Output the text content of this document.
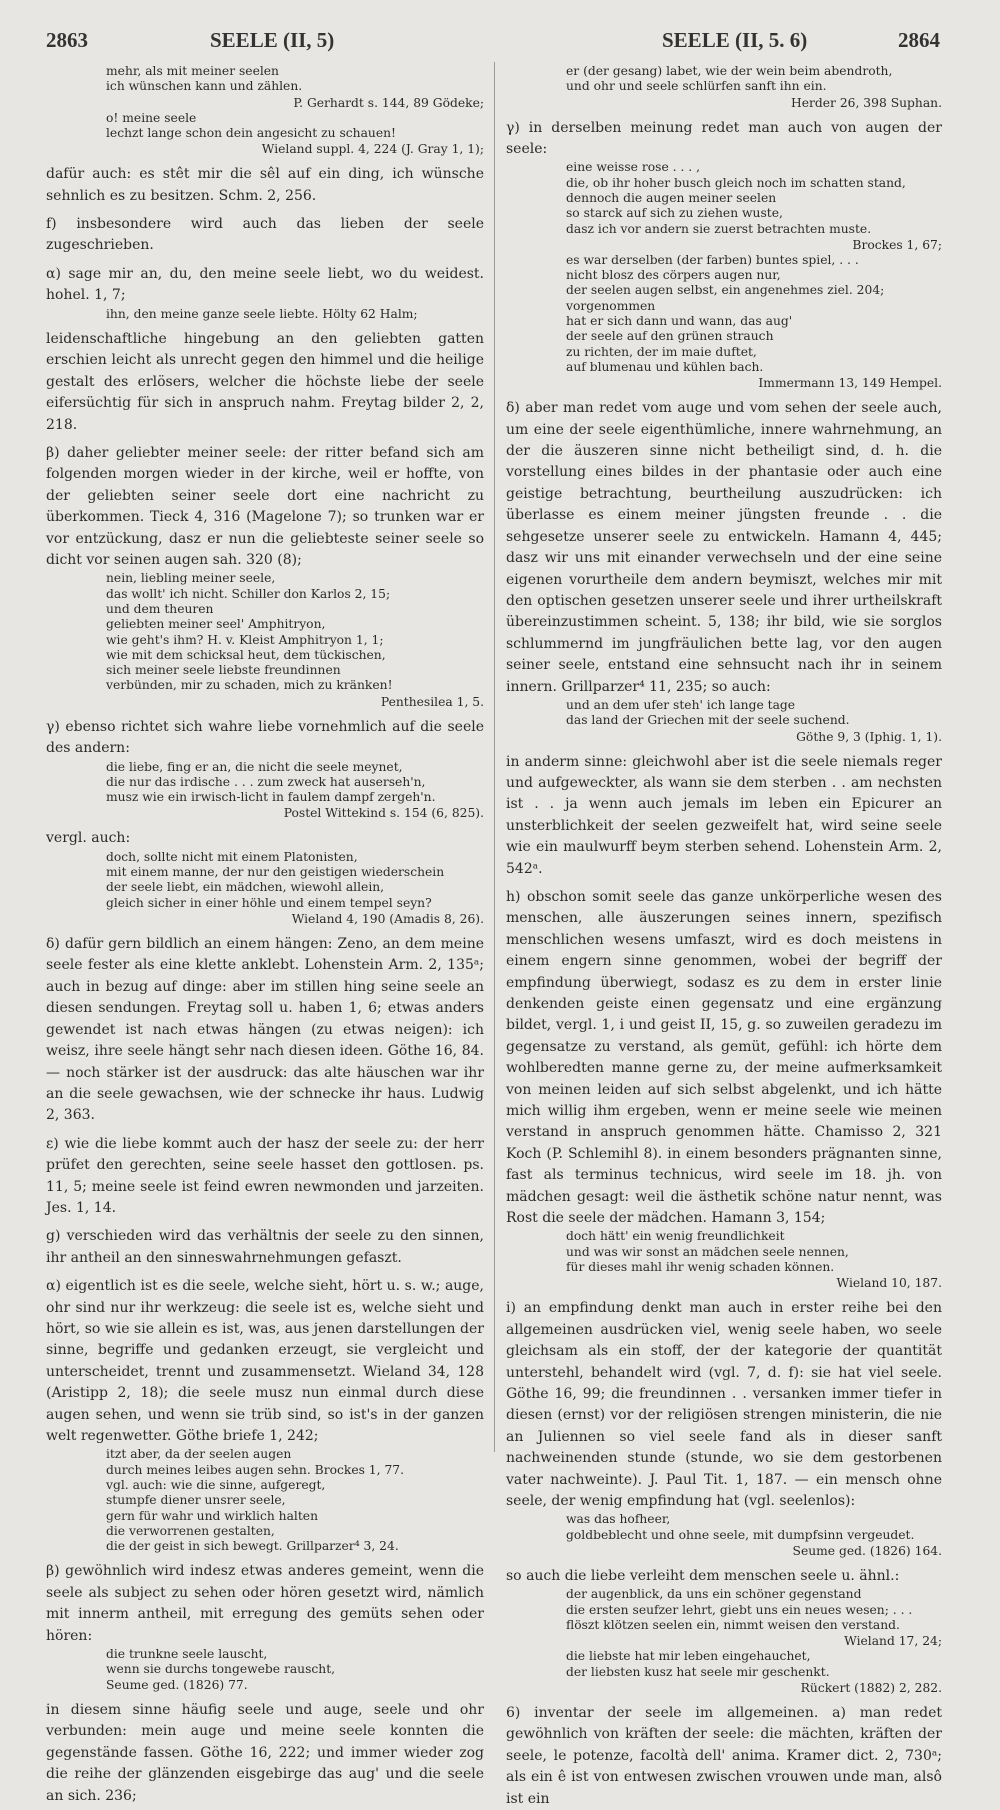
2863	SEELE (II, 5)	SEELE (II, 5. 6)	2864

mehr, als mit meiner seelen

ich wünschen kann und zählen.

P. Gerhardt s. 144, 89 Gödeke;

o! meine seele

lechzt lange schon dein angesicht zu schauen!

Wieland suppl. 4, 224 (J. Gray 1, 1);

dafür auch: es stêt mir die sêl auf ein ding, ich wünsche sehnlich es zu besitzen. Schm. 2, 256.

f) insbesondere wird auch das lieben der seele zugeschrieben.

α) sage mir an, du, den meine seele liebt, wo du weidest. hohel. 1, 7;

ihn, den meine ganze seele liebte. Hölty 62 Halm;

leidenschaftliche hingebung an den geliebten gatten erschien leicht als unrecht gegen den himmel und die heilige gestalt des erlösers, welcher die höchste liebe der seele eifersüchtig für sich in anspruch nahm. Freytag bilder 2, 2, 218.

β) daher geliebter meiner seele: der ritter befand sich am folgenden morgen wieder in der kirche, weil er hoffte, von der geliebten seiner seele dort eine nachricht zu überkommen. Tieck 4, 316 (Magelone 7); so trunken war er vor entzückung, dasz er nun die geliebteste seiner seele so dicht vor seinen augen sah. 320 (8);

nein, liebling meiner seele,

das wollt' ich nicht. Schiller don Karlos 2, 15;

und dem theuren

geliebten meiner seel' Amphitryon,

wie geht's ihm? H. v. Kleist Amphitryon 1, 1;

wie mit dem schicksal heut, dem tückischen,

sich meiner seele liebste freundinnen

verbünden, mir zu schaden, mich zu kränken!

Penthesilea 1, 5.

γ) ebenso richtet sich wahre liebe vornehmlich auf die seele des andern:

die liebe, fing er an, die nicht die seele meynet,

die nur das irdische . . . zum zweck hat auserseh'n,

musz wie ein irwisch-licht in faulem dampf zergeh'n.

Postel Wittekind s. 154 (6, 825).

vergl. auch:

doch, sollte nicht mit einem Platonisten,

mit einem manne, der nur den geistigen wiederschein

der seele liebt, ein mädchen, wiewohl allein,

gleich sicher in einer höhle und einem tempel seyn?

Wieland 4, 190 (Amadis 8, 26).

δ) dafür gern bildlich an einem hängen: Zeno, an dem meine seele fester als eine klette anklebt. Lohenstein Arm. 2, 135ᵃ; auch in bezug auf dinge: aber im stillen hing seine seele an diesen sendungen. Freytag soll u. haben 1, 6; etwas anders gewendet ist nach etwas hängen (zu etwas neigen): ich weisz, ihre seele hängt sehr nach diesen ideen. Göthe 16, 84. — noch stärker ist der ausdruck: das alte häuschen war ihr an die seele gewachsen, wie der schnecke ihr haus. Ludwig 2, 363.

ε) wie die liebe kommt auch der hasz der seele zu: der herr prüfet den gerechten, seine seele hasset den gottlosen. ps. 11, 5; meine seele ist feind ewren newmonden und jarzeiten. Jes. 1, 14.

g) verschieden wird das verhältnis der seele zu den sinnen, ihr antheil an den sinneswahrnehmungen gefaszt.

α) eigentlich ist es die seele, welche sieht, hört u. s. w.; auge, ohr sind nur ihr werkzeug: die seele ist es, welche sieht und hört, so wie sie allein es ist, was, aus jenen darstellungen der sinne, begriffe und gedanken erzeugt, sie vergleicht und unterscheidet, trennt und zusammensetzt. Wieland 34, 128 (Aristipp 2, 18); die seele musz nun einmal durch diese augen sehen, und wenn sie trüb sind, so ist's in der ganzen welt regenwetter. Göthe briefe 1, 242;

itzt aber, da der seelen augen

durch meines leibes augen sehn. Brockes 1, 77.

vgl. auch: wie die sinne, aufgeregt,

stumpfe diener unsrer seele,

gern für wahr und wirklich halten

die verworrenen gestalten,

die der geist in sich bewegt. Grillparzer⁴ 3, 24.

β) gewöhnlich wird indesz etwas anderes gemeint, wenn die seele als subject zu sehen oder hören gesetzt wird, nämlich mit innerm antheil, mit erregung des gemüts sehen oder hören:

die trunkne seele lauscht,

wenn sie durchs tongewebe rauscht,

Seume ged. (1826) 77.

in diesem sinne häufig seele und auge, seele und ohr verbunden: mein auge und meine seele konnten die gegenstände fassen. Göthe 16, 222; und immer wieder zog die reihe der glänzenden eisgebirge das aug' und die seele an sich. 236;

er (der gesang) labet, wie der wein beim abendroth,

und ohr und seele schlürfen sanft ihn ein.

Herder 26, 398 Suphan.

γ) in derselben meinung redet man auch von augen der seele:

eine weisse rose . . . ,

die, ob ihr hoher busch gleich noch im schatten stand,

dennoch die augen meiner seelen

so starck auf sich zu ziehen wuste,

dasz ich vor andern sie zuerst betrachten muste.

Brockes 1, 67;

es war derselben (der farben) buntes spiel, . . .

nicht blosz des cörpers augen nur,

der seelen augen selbst, ein angenehmes ziel. 204;

vorgenommen

hat er sich dann und wann, das aug'

der seele auf den grünen strauch

zu richten, der im maie duftet,

auf blumenau und kühlen bach.

Immermann 13, 149 Hempel.

δ) aber man redet vom auge und vom sehen der seele auch, um eine der seele eigenthümliche, innere wahrnehmung, an der die äuszeren sinne nicht betheiligt sind, d. h. die vorstellung eines bildes in der phantasie oder auch eine geistige betrachtung, beurtheilung auszudrücken: ich überlasse es einem meiner jüngsten freunde . . die sehgesetze unserer seele zu entwickeln. Hamann 4, 445; dasz wir uns mit einander verwechseln und der eine seine eigenen vorurtheile dem andern beymiszt, welches mir mit den optischen gesetzen unserer seele und ihrer urtheilskraft übereinzustimmen scheint. 5, 138; ihr bild, wie sie sorglos schlummernd im jungfräulichen bette lag, vor den augen seiner seele, entstand eine sehnsucht nach ihr in seinem innern. Grillparzer⁴ 11, 235; so auch:

und an dem ufer steh' ich lange tage

das land der Griechen mit der seele suchend.

Göthe 9, 3 (Iphig. 1, 1).

in anderm sinne: gleichwohl aber ist die seele niemals reger und aufgeweckter, als wann sie dem sterben . . am nechsten ist . . ja wenn auch jemals im leben ein Epicurer an unsterblichkeit der seelen gezweifelt hat, wird seine seele wie ein maulwurff beym sterben sehend. Lohenstein Arm. 2, 542ᵃ.

h) obschon somit seele das ganze unkörperliche wesen des menschen, alle äuszerungen seines innern, spezifisch menschlichen wesens umfaszt, wird es doch meistens in einem engern sinne genommen, wobei der begriff der empfindung überwiegt, sodasz es zu dem in erster linie denkenden geiste einen gegensatz und eine ergänzung bildet, vergl. 1, i und geist II, 15, g. so zuweilen geradezu im gegensatze zu verstand, als gemüt, gefühl: ich hörte dem wohlberedten manne gerne zu, der meine aufmerksamkeit von meinen leiden auf sich selbst abgelenkt, und ich hätte mich willig ihm ergeben, wenn er meine seele wie meinen verstand in anspruch genommen hätte. Chamisso 2, 321 Koch (P. Schlemihl 8). in einem besonders prägnanten sinne, fast als terminus technicus, wird seele im 18. jh. von mädchen gesagt: weil die ästhetik schöne natur nennt, was Rost die seele der mädchen. Hamann 3, 154;

doch hätt' ein wenig freundlichkeit

und was wir sonst an mädchen seele nennen,

für dieses mahl ihr wenig schaden können.

Wieland 10, 187.

i) an empfindung denkt man auch in erster reihe bei den allgemeinen ausdrücken viel, wenig seele haben, wo seele gleichsam als ein stoff, der der kategorie der quantität unterstehl, behandelt wird (vgl. 7, d. f): sie hat viel seele. Göthe 16, 99; die freundinnen . . versanken immer tiefer in diesen (ernst) vor der religiösen strengen ministerin, die nie an Juliennen so viel seele fand als in dieser sanft nachweinenden stunde (stunde, wo sie dem gestorbenen vater nachweinte). J. Paul Tit. 1, 187. — ein mensch ohne seele, der wenig empfindung hat (vgl. seelenlos):

was das hofheer,

goldbeblecht und ohne seele, mit dumpfsinn vergeudet.

Seume ged. (1826) 164.

so auch die liebe verleiht dem menschen seele u. ähnl.:

der augenblick, da uns ein schöner gegenstand

die ersten seufzer lehrt, giebt uns ein neues wesen; . . .

flöszt klötzen seelen ein, nimmt weisen den verstand.

Wieland 17, 24;

die liebste hat mir leben eingehauchet,

der liebsten kusz hat seele mir geschenkt.

Rückert (1882) 2, 282.

6) inventar der seele im allgemeinen. a) man redet gewöhnlich von kräften der seele: die mächten, kräften der seele, le potenze, facoltà dell' anima. Kramer dict. 2, 730ᵃ; als ein ê ist von entwesen zwischen vrouwen unde man, alsô ist ein
